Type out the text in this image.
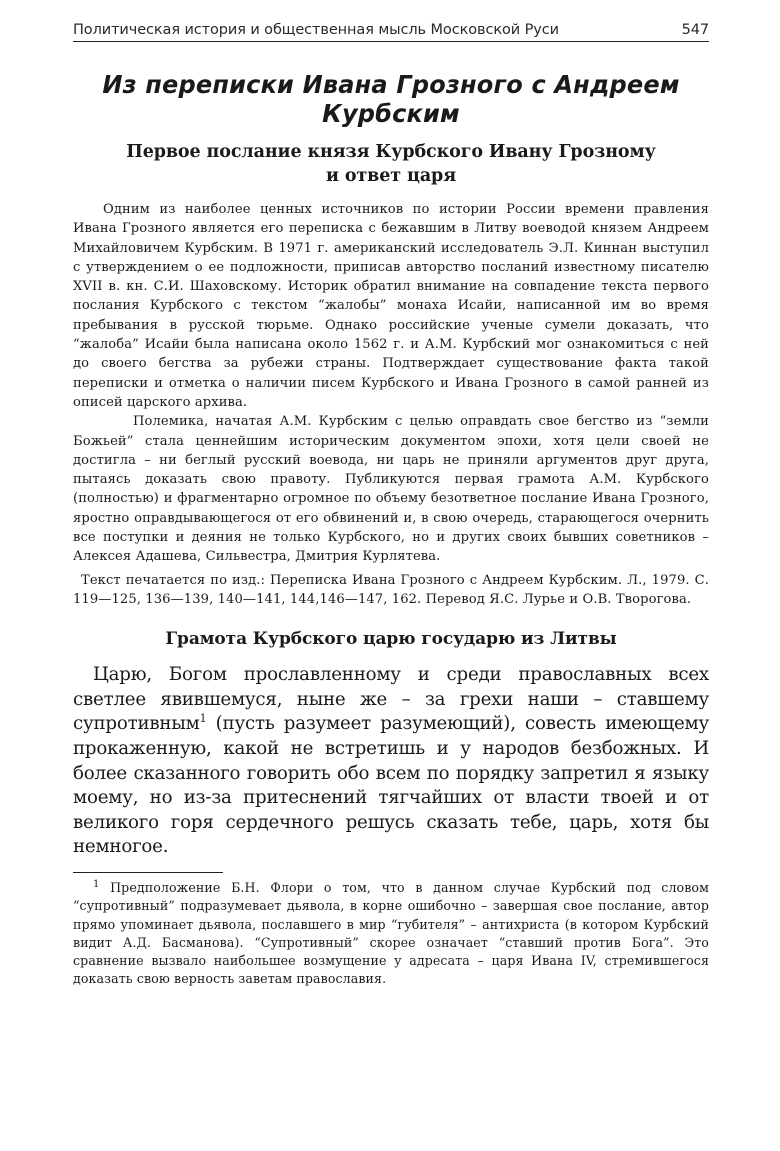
Политическая история и общественная мысль Московской Руси	547
Из переписки Ивана Грозного с Андреем Курбским
Первое послание князя Курбского Ивану Грозному
и ответ царя

Одним из наиболее ценных источников по истории России времени правления Ивана Грозного является его переписка с бежавшим в Литву воеводой князем Андреем Михайловичем Курбским. В 1971 г. американский исследователь Э.Л. Киннан выступил с утверждением о ее подложности, приписав авторство посланий известному писателю XVII в. кн. С.И. Шаховскому. Историк обратил внимание на совпадение текста первого послания Курбского с текстом “жалобы” монаха Исайи, написанной им во время пребывания в русской тюрьме. Однако российские ученые сумели доказать, что “жалоба” Исайи была написана около 1562 г. и А.М. Курбский мог ознакомиться с ней до своего бегства за рубежи страны. Подтверждает существование факта такой переписки и отметка о наличии писем Курбского и Ивана Грозного в самой ранней из описей царского архива.

Полемика, начатая А.М. Курбским с целью оправдать свое бегство из “земли Божьей” стала ценнейшим историческим документом эпохи, хотя цели своей не достигла – ни беглый русский воевода, ни царь не приняли аргументов друг друга, пытаясь доказать свою правоту. Публикуются первая грамота А.М. Курбского (полностью) и фрагментарно огромное по объему безответное послание Ивана Грозного, яростно оправдывающегося от его обвинений и, в свою очередь, старающегося очернить все поступки и деяния не только Курбского, но и других своих бывших советников – Алексея Адашева, Сильвестра, Дмитрия Курлятева.

Текст печатается по изд.: Переписка Ивана Грозного с Андреем Курбским. Л., 1979. С. 119—125, 136—139, 140—141, 144,146—147, 162. Перевод Я.С. Лурье и О.В. Творогова.

Грамота Курбского царю государю из Литвы

Царю, Богом прославленному и среди православных всех светлее явившемуся, ныне же – за грехи наши – ставшему супротивным$^1$ (пусть разумеет разумеющий), совесть имеющему прокаженную, какой не встретишь и у народов безбожных. И более сказанного говорить обо всем по порядку запретил я языку моему, но из-за притеснений тягчайших от власти твоей и от великого горя сердечного решусь сказать тебе, царь, хотя бы немногое.

$^1$ Предположение Б.Н. Флори о том, что в данном случае Курбский под словом “супротивный” подразумевает дьявола, в корне ошибочно – завершая свое послание, автор прямо упоминает дьявола, пославшего в мир “губителя” – антихриста (в котором Курбский видит А.Д. Басманова). “Супротивный” скорее означает “ставший против Бога”. Это сравнение вызвало наибольшее возмущение у адресата – царя Ивана IV, стремившегося доказать свою верность заветам православия.
